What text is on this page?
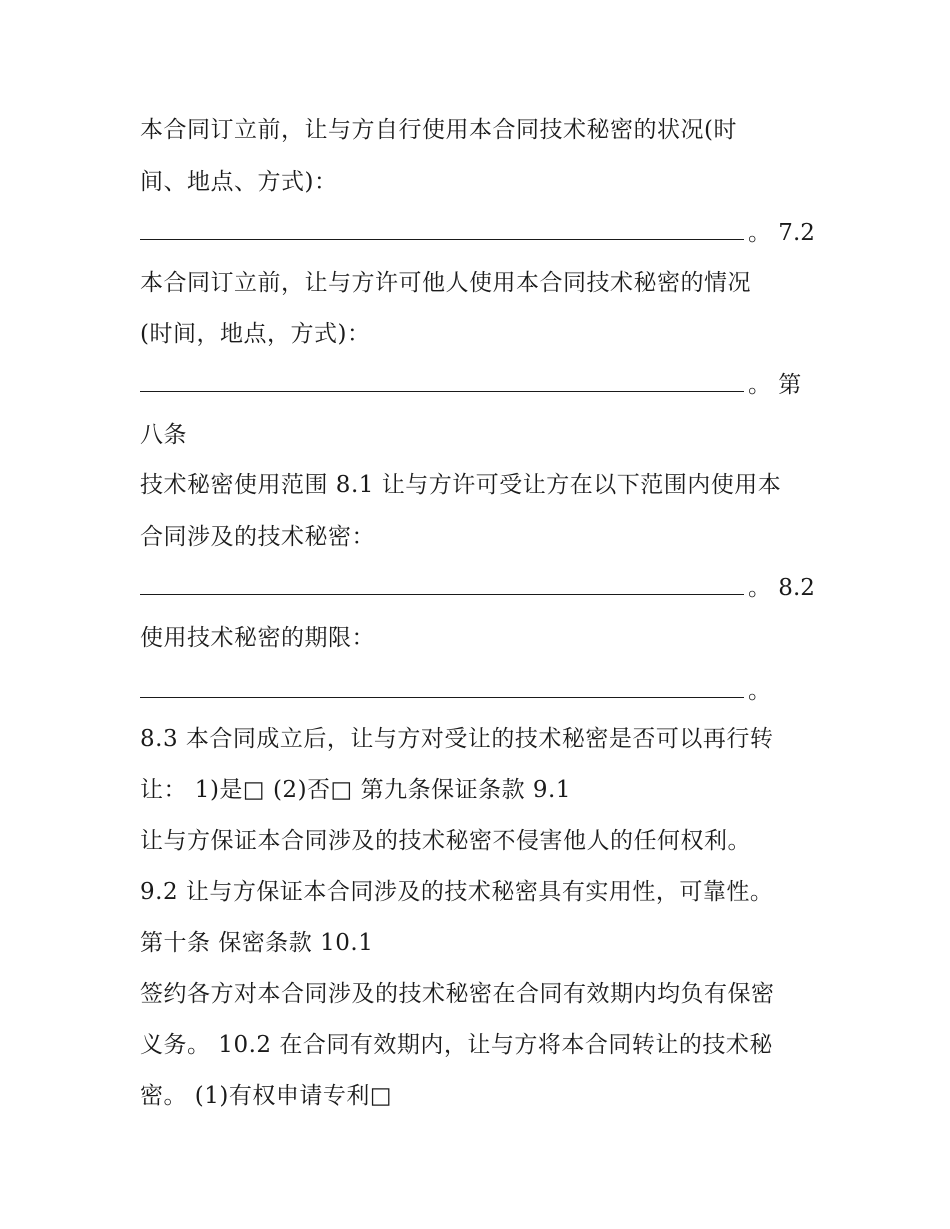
本合同订立前，让与方自行使用本合同技术秘密的状况(时
间、地点、方式)：
。 7.2
本合同订立前，让与方许可他人使用本合同技术秘密的情况
(时间，地点，方式)：
。 第
八条
技术秘密使用范围 8.1 让与方许可受让方在以下范围内使用本
合同涉及的技术秘密：
。 8.2
使用技术秘密的期限：
。
8.3 本合同成立后，让与方对受让的技术秘密是否可以再行转
让： 1)是□ (2)否□ 第九条保证条款 9.1
让与方保证本合同涉及的技术秘密不侵害他人的任何权利。
9.2 让与方保证本合同涉及的技术秘密具有实用性，可靠性。
第十条 保密条款 10.1
签约各方对本合同涉及的技术秘密在合同有效期内均负有保密
义务。 10.2 在合同有效期内，让与方将本合同转让的技术秘
密。 (1)有权申请专利□
